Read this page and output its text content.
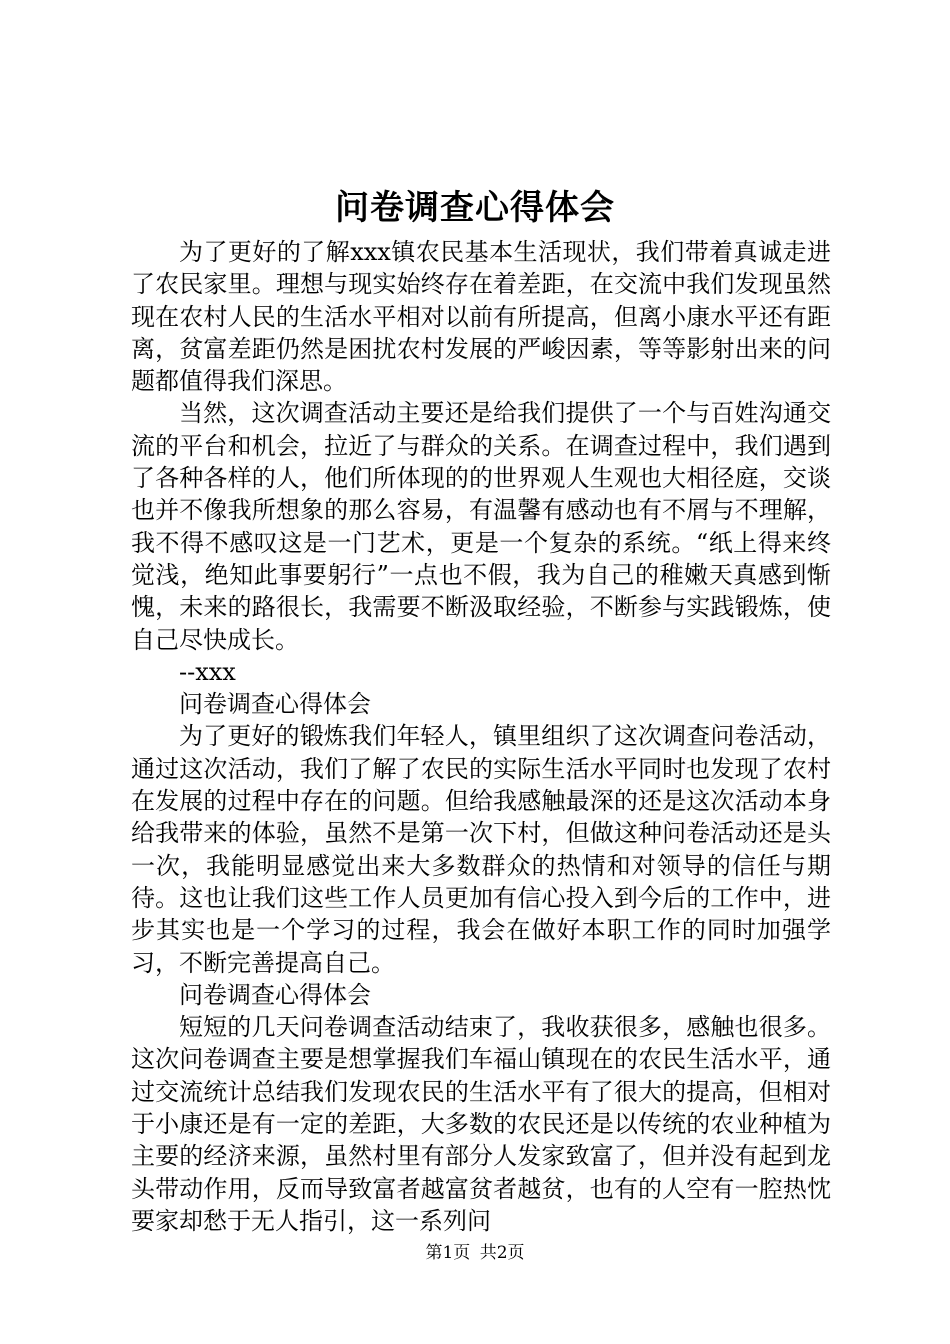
问卷调查心得体会

为了更好的了解xxx镇农民基本生活现状，我们带着真诚走进了农民家里。理想与现实始终存在着差距，在交流中我们发现虽然现在农村人民的生活水平相对以前有所提高，但离小康水平还有距离，贫富差距仍然是困扰农村发展的严峻因素，等等影射出来的问题都值得我们深思。

当然，这次调查活动主要还是给我们提供了一个与百姓沟通交流的平台和机会，拉近了与群众的关系。在调查过程中，我们遇到了各种各样的人，他们所体现的的世界观人生观也大相径庭，交谈也并不像我所想象的那么容易，有温馨有感动也有不屑与不理解，我不得不感叹这是一门艺术，更是一个复杂的系统。“纸上得来终觉浅，绝知此事要躬行”一点也不假，我为自己的稚嫩天真感到惭愧，未来的路很长，我需要不断汲取经验，不断参与实践锻炼，使自己尽快成长。

--xxx

问卷调查心得体会

为了更好的锻炼我们年轻人，镇里组织了这次调查问卷活动，通过这次活动，我们了解了农民的实际生活水平同时也发现了农村在发展的过程中存在的问题。但给我感触最深的还是这次活动本身给我带来的体验，虽然不是第一次下村，但做这种问卷活动还是头一次，我能明显感觉出来大多数群众的热情和对领导的信任与期待。这也让我们这些工作人员更加有信心投入到今后的工作中，进步其实也是一个学习的过程，我会在做好本职工作的同时加强学习，不断完善提高自己。

问卷调查心得体会

短短的几天问卷调查活动结束了，我收获很多，感触也很多。这次问卷调查主要是想掌握我们车福山镇现在的农民生活水平，通过交流统计总结我们发现农民的生活水平有了很大的提高，但相对于小康还是有一定的差距，大多数的农民还是以传统的农业种植为主要的经济来源，虽然村里有部分人发家致富了，但并没有起到龙头带动作用，反而导致富者越富贫者越贫，也有的人空有一腔热忱要家却愁于无人指引，这一系列问

第1页 共2页
